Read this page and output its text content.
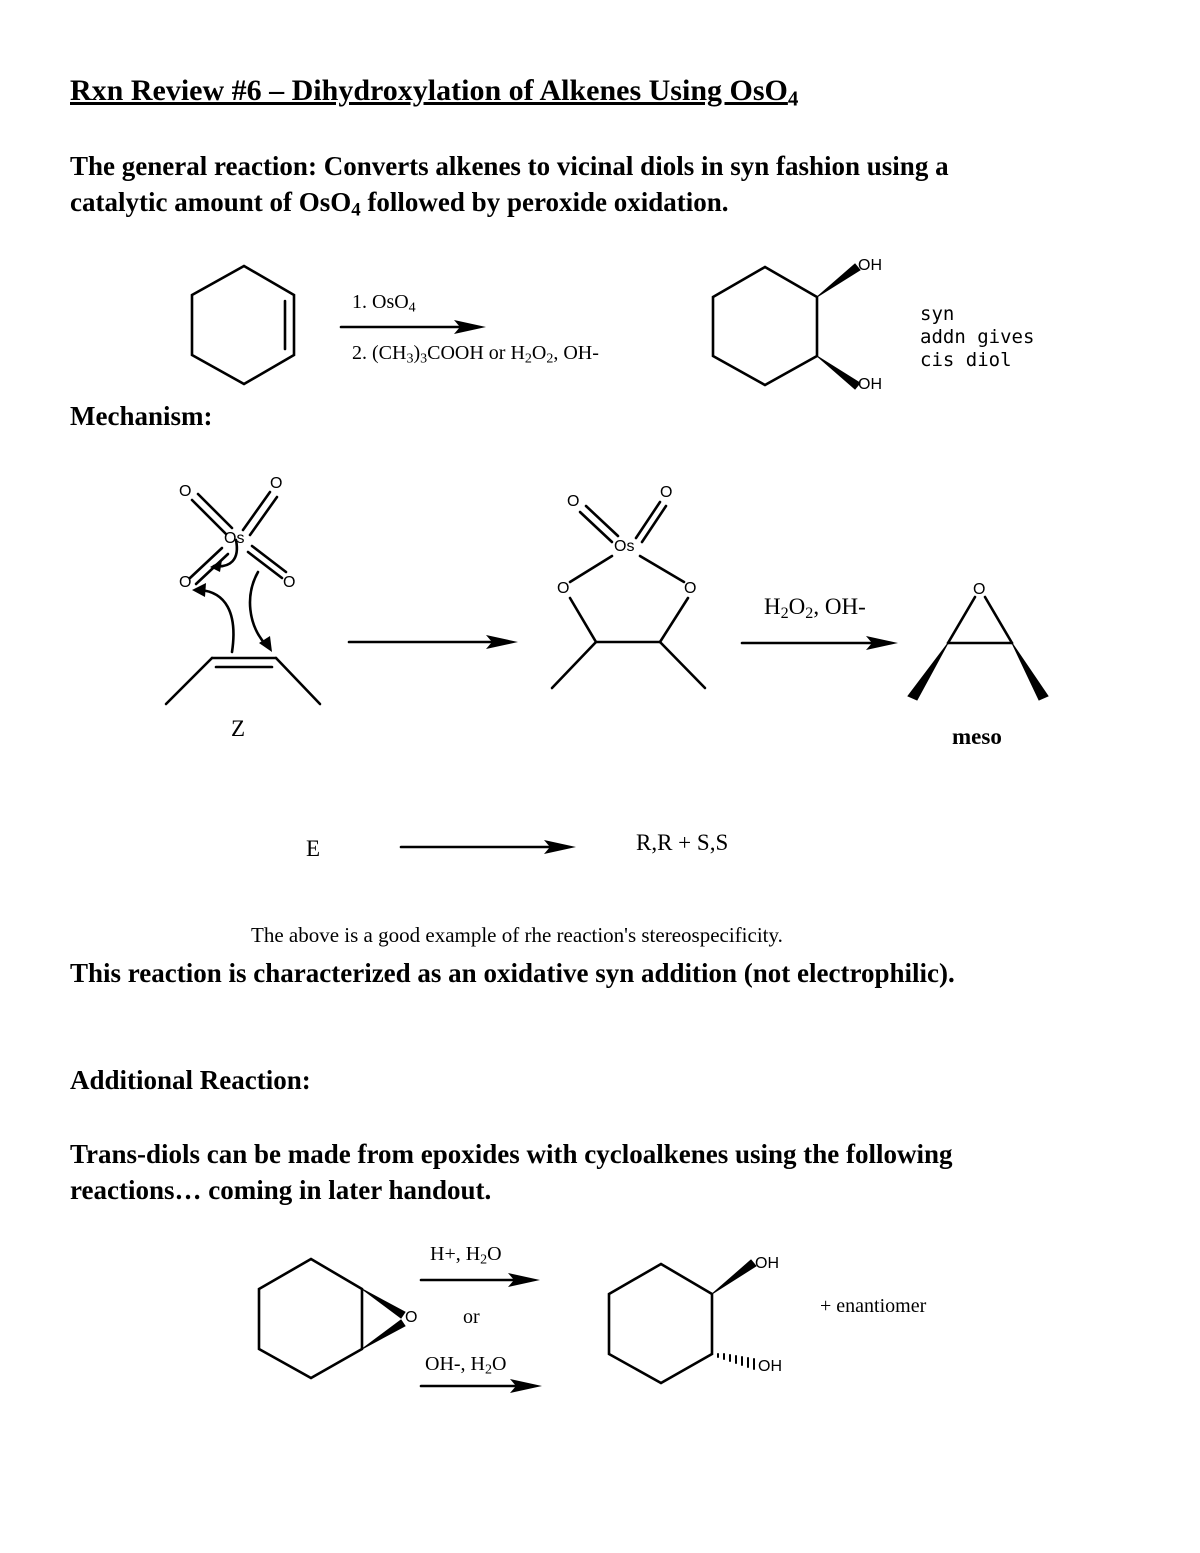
Rxn Review #6 – Dihydroxylation of Alkenes Using OsO$_4$
The general reaction: Converts alkenes to vicinal diols in syn fashion using a
catalytic amount of OsO$_4$ followed by peroxide oxidation.
1. OsO$_4$
2. $(CH_3)_3COOH$ or $H_2O_2$, OH-
OH
OH
syn
addn gives
cis diol
Mechanism:
Os
O	O
O	O
Z
Os
O
O
O	O
$H_2O_2$, OH-
O
meso
E	R,R + S,S
The above is a good example of rhe reaction's stereospecificity.
This reaction is characterized as an oxidative syn addition (not electrophilic).
Additional Reaction:
Trans-diols can be made from epoxides with cycloalkenes using the following
reactions… coming in later handout.
O
H+, $H_2O$
or
OH-, $H_2O$
OH
OH
+ enantiomer
